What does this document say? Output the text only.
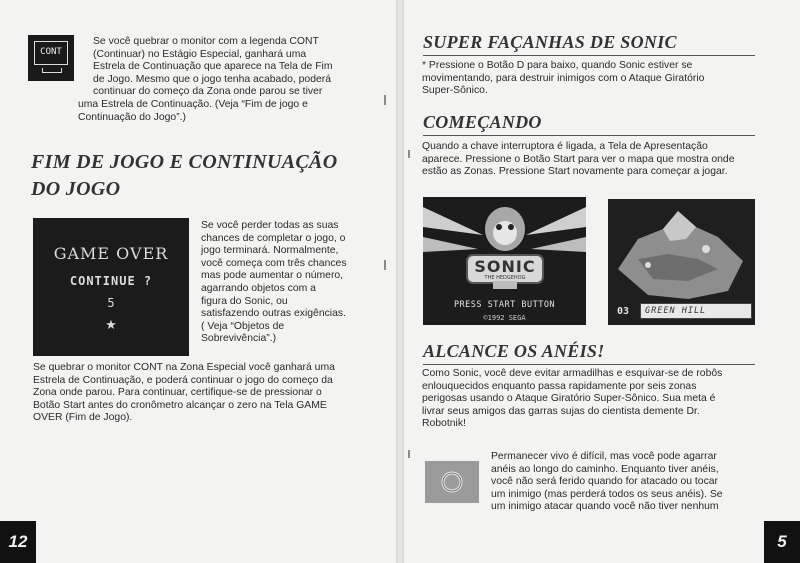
CONT

Se você quebrar o monitor com a legenda CONT

(Continuar) no Estágio Especial, ganhará uma

Estrela de Continuação que aparece na Tela de Fim

de Jogo. Mesmo que o jogo tenha acabado, poderá

continuar do começo da Zona onde parou se tiver

uma Estrela de Continuação. (Veja “Fim de jogo e

Continuação do Jogo”.)

FIM DE JOGO E CONTINUAÇÃO
DO JOGO
GAME OVER
CONTINUE ?
5
★

Se você perder todas as suas

chances de completar o jogo, o

jogo terminará. Normalmente,

você começa com três chances

mas pode aumentar o número,

agarrando objetos com a

figura do Sonic, ou

satisfazendo outras exigências.

( Veja “Objetos de

Sobrevivência”.)

Se quebrar o monitor CONT na Zona Especial você ganhará uma

Estrela de Continuação, e poderá continuar o jogo do começo da

Zona onde parou. Para continuar, certifique-se de pressionar o

Botão Start antes do cronômetro alcançar o zero na Tela GAME

OVER (Fim de Jogo).

12
SUPER FAÇANHAS DE SONIC

* Pressione o Botão D para baixo, quando Sonic estiver se

movimentando, para destruir inimigos com o Ataque Giratório

Super-Sônico.

COMEÇANDO

Quando a chave interruptora é ligada, a Tela de Apresentação

aparece. Pressione o Botão Start para ver o mapa que mostra onde

estão as Zonas. Pressione Start novamente para começar a jogar.

SONIC
THE HEDGEHOG
PRESS START BUTTON
©1992 SEGA
03	GREEN HILL
ALCANCE OS ANÉIS!

Como Sonic, você deve evitar armadilhas e esquivar-se de robôs

enlouquecidos enquanto passa rapidamente por seis zonas

perigosas usando o Ataque Giratório Super-Sônico. Sua meta é

livrar seus amigos das garras sujas do cientista demente Dr.

Robotnik!

Permanecer vivo é difícil, mas você pode agarrar

anéis ao longo do caminho. Enquanto tiver anéis,

você não será ferido quando for atacado ou tocar

um inimigo (mas perderá todos os seus anéis). Se

um inimigo atacar quando você não tiver nenhum

5
